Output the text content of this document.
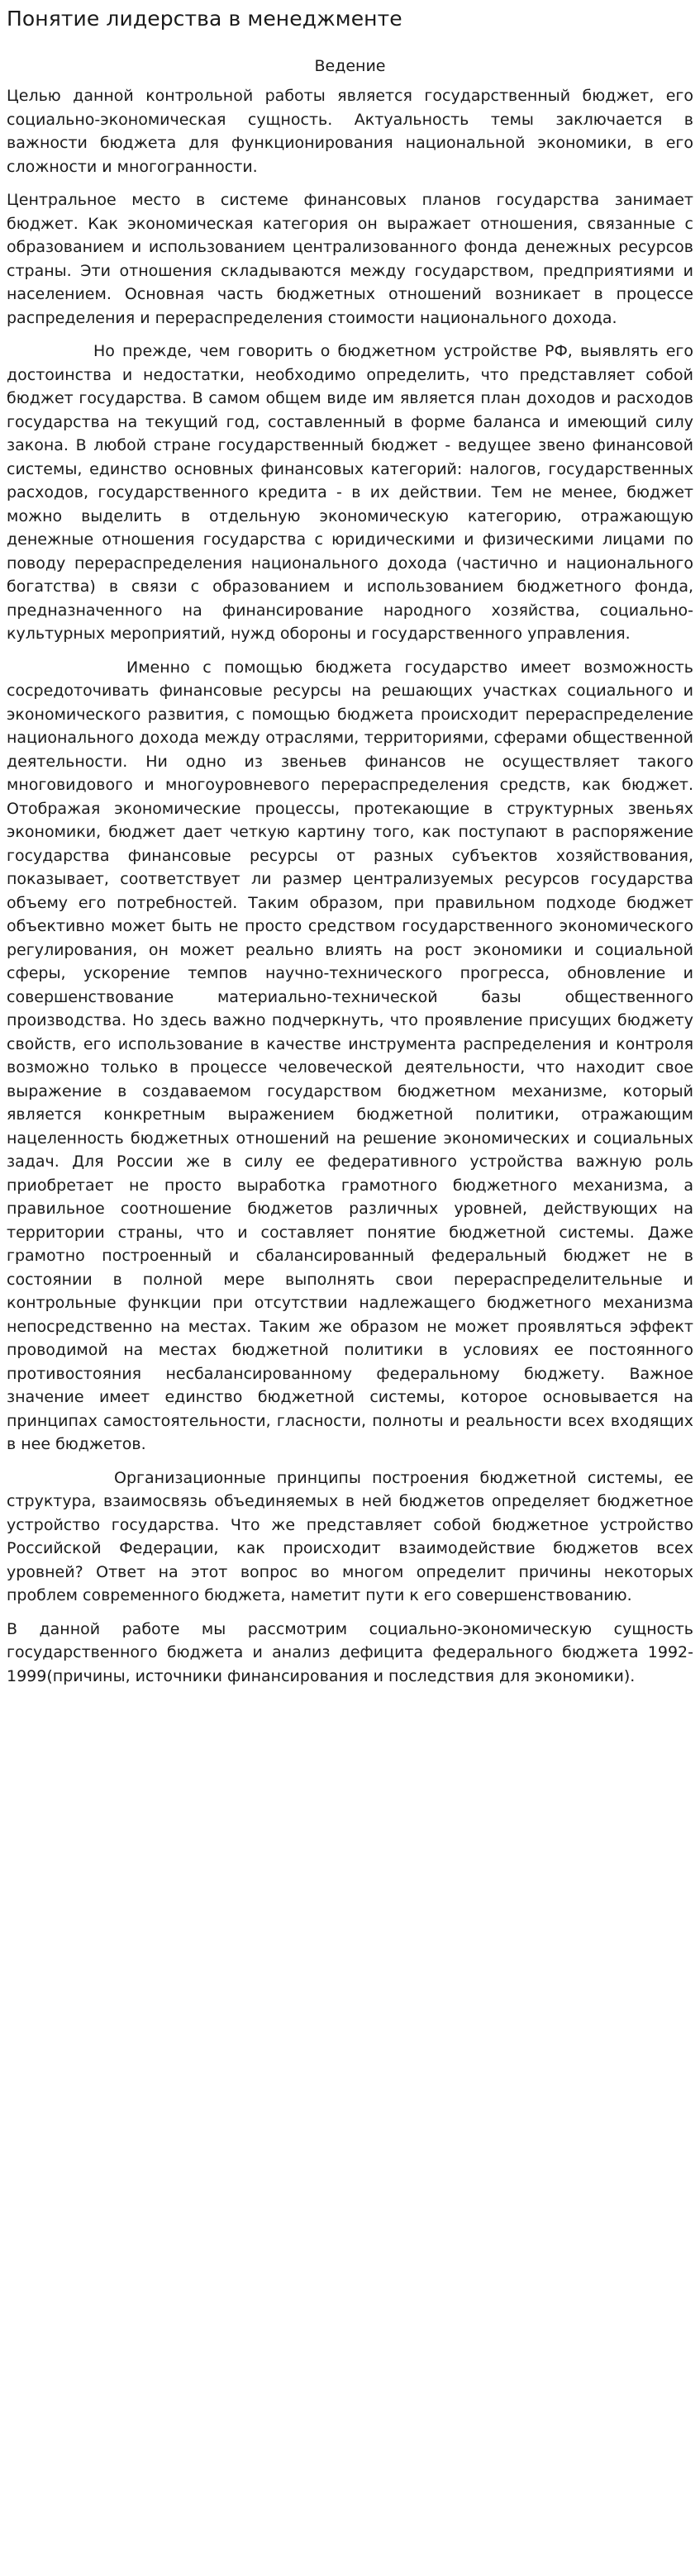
Понятие лидерства в менеджменте
Ведение

Целью данной контрольной работы является государственный бюджет, его социально-экономическая сущность. Актуальность темы заключается в важности бюджета для функционирования национальной экономики, в его сложности и многогранности.

Центральное место в системе финансовых планов государства занимает бюджет. Как экономическая категория он выражает отношения, связанные с образованием и использованием централизованного фонда денежных ресурсов страны. Эти отношения складываются между государством, предприятиями и населением. Основная часть бюджетных отношений возникает в процессе распределения и перераспределения стоимости национального дохода.

Но прежде, чем говорить о бюджетном устройстве РФ, выявлять его достоинства и недостатки, необходимо определить, что представляет собой бюджет государства. В самом общем виде им является план доходов и расходов государства на текущий год, составленный в форме баланса и имеющий силу закона. В любой стране государственный бюджет - ведущее звено финансовой системы, единство основных финансовых категорий: налогов, государственных расходов, государственного кредита - в их действии. Тем не менее, бюджет можно выделить в отдельную экономическую категорию, отражающую денежные отношения государства с юридическими и физическими лицами по поводу перераспределения национального дохода (частично и национального богатства) в связи с образованием и использованием бюджетного фонда, предназначенного на финансирование народного хозяйства, социально-культурных мероприятий, нужд обороны и государственного управления.

Именно с помощью бюджета государство имеет возможность сосредоточивать финансовые ресурсы на решающих участках социального и экономического развития, с помощью бюджета происходит перераспределение национального дохода между отраслями, территориями, сферами общественной деятельности. Ни одно из звеньев финансов не осуществляет такого многовидового и многоуровневого перераспределения средств, как бюджет. Отображая экономические процессы, протекающие в структурных звеньях экономики, бюджет дает четкую картину того, как поступают в распоряжение государства финансовые ресурсы от разных субъектов хозяйствования, показывает, соответствует ли размер централизуемых ресурсов государства объему его потребностей. Таким образом, при правильном подходе бюджет объективно может быть не просто средством государственного экономического регулирования, он может реально влиять на рост экономики и социальной сферы, ускорение темпов научно-технического прогресса, обновление и совершенствование материально-технической базы общественного производства. Но здесь важно подчеркнуть, что проявление присущих бюджету свойств, его использование в качестве инструмента распределения и контроля возможно только в процессе человеческой деятельности, что находит свое выражение в создаваемом государством бюджетном механизме, который является конкретным выражением бюджетной политики, отражающим нацеленность бюджетных отношений на решение экономических и социальных задач. Для России же в силу ее федеративного устройства важную роль приобретает не просто выработка грамотного бюджетного механизма, а правильное соотношение бюджетов различных уровней, действующих на территории страны, что и составляет понятие бюджетной системы. Даже грамотно построенный и сбалансированный федеральный бюджет не в состоянии в полной мере выполнять свои перераспределительные и контрольные функции при отсутствии надлежащего бюджетного механизма непосредственно на местах. Таким же образом не может проявляться эффект проводимой на местах бюджетной политики в условиях ее постоянного противостояния несбалансированному федеральному бюджету. Важное значение имеет единство бюджетной системы, которое основывается на принципах самостоятельности, гласности, полноты и реальности всех входящих в нее бюджетов.

Организационные принципы построения бюджетной системы, ее структура, взаимосвязь объединяемых в ней бюджетов определяет бюджетное устройство государства. Что же представляет собой бюджетное устройство Российской Федерации, как происходит взаимодействие бюджетов всех уровней? Ответ на этот вопрос во многом определит причины некоторых проблем современного бюджета, наметит пути к его совершенствованию.

В данной работе мы рассмотрим социально-экономическую сущность государственного бюджета и анализ дефицита федерального бюджета 1992-1999(причины, источники финансирования и последствия для экономики).
